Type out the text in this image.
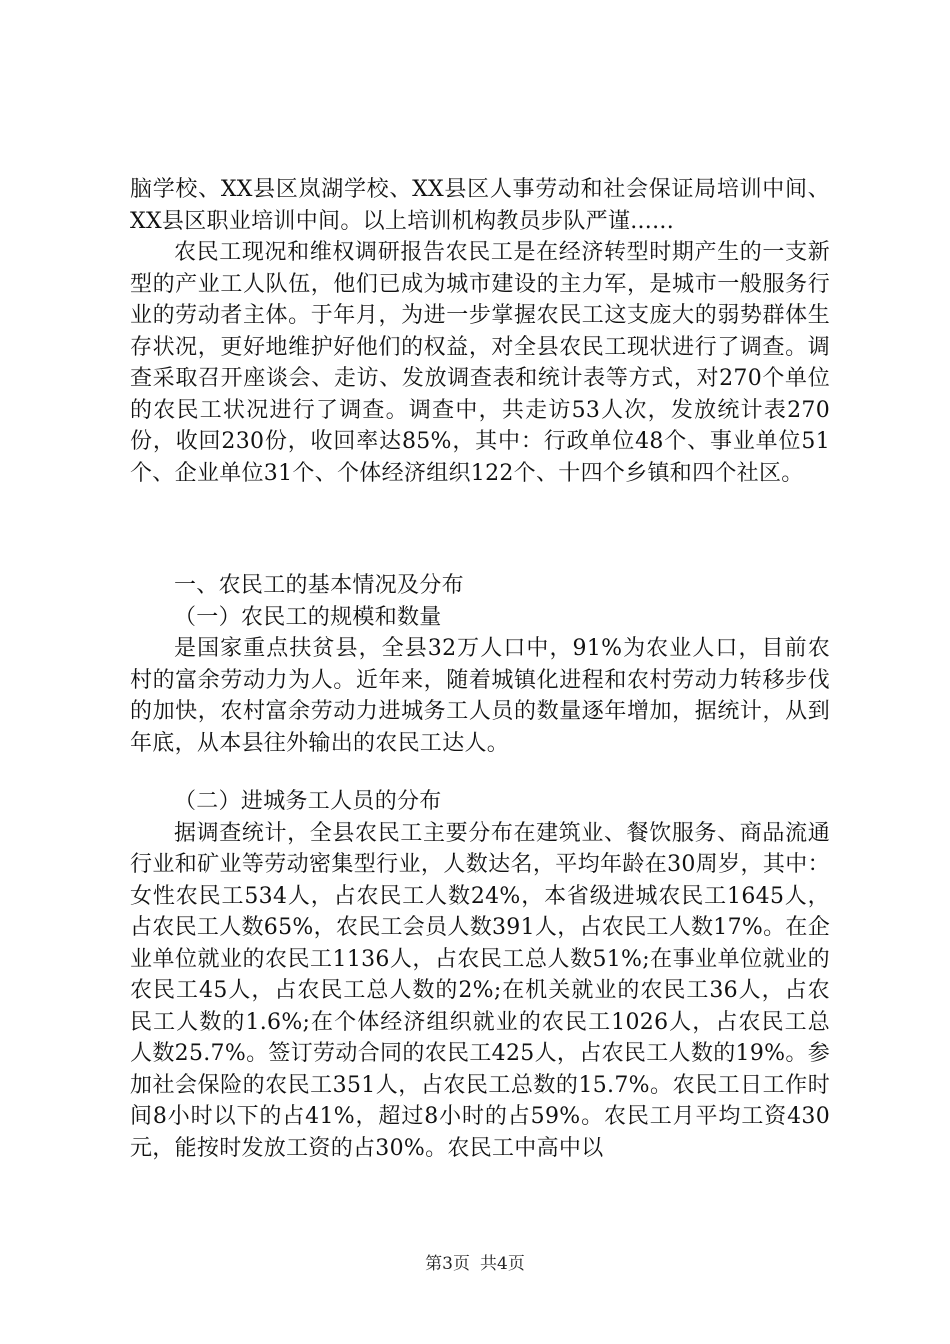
脑学校、XX县区岚湖学校、XX县区人事劳动和社会保证局培训中间、XX县区职业培训中间。以上培训机构教员步队严谨......

农民工现况和维权调研报告农民工是在经济转型时期产生的一支新型的产业工人队伍，他们已成为城市建设的主力军，是城市一般服务行业的劳动者主体。于年月，为进一步掌握农民工这支庞大的弱势群体生存状况，更好地维护好他们的权益，对全县农民工现状进行了调查。调查采取召开座谈会、走访、发放调查表和统计表等方式，对270个单位的农民工状况进行了调查。调查中，共走访53人次，发放统计表270份，收回230份，收回率达85%，其中：行政单位48个、事业单位51个、企业单位31个、个体经济组织122个、十四个乡镇和四个社区。

一、农民工的基本情况及分布

（一）农民工的规模和数量

是国家重点扶贫县，全县32万人口中，91%为农业人口，目前农村的富余劳动力为人。近年来，随着城镇化进程和农村劳动力转移步伐的加快，农村富余劳动力进城务工人员的数量逐年增加，据统计，从到年底，从本县往外输出的农民工达人。

（二）进城务工人员的分布

据调查统计，全县农民工主要分布在建筑业、餐饮服务、商品流通行业和矿业等劳动密集型行业，人数达名，平均年龄在30周岁，其中：女性农民工534人，占农民工人数24%，本省级进城农民工1645人，占农民工人数65%，农民工会员人数391人，占农民工人数17%。在企业单位就业的农民工1136人，占农民工总人数51%;在事业单位就业的农民工45人，占农民工总人数的2%;在机关就业的农民工36人，占农民工人数的1.6%;在个体经济组织就业的农民工1026人，占农民工总人数25.7%。签订劳动合同的农民工425人，占农民工人数的19%。参加社会保险的农民工351人，占农民工总数的15.7%。农民工日工作时间8小时以下的占41%，超过8小时的占59%。农民工月平均工资430元，能按时发放工资的占30%。农民工中高中以

第3页 共4页
